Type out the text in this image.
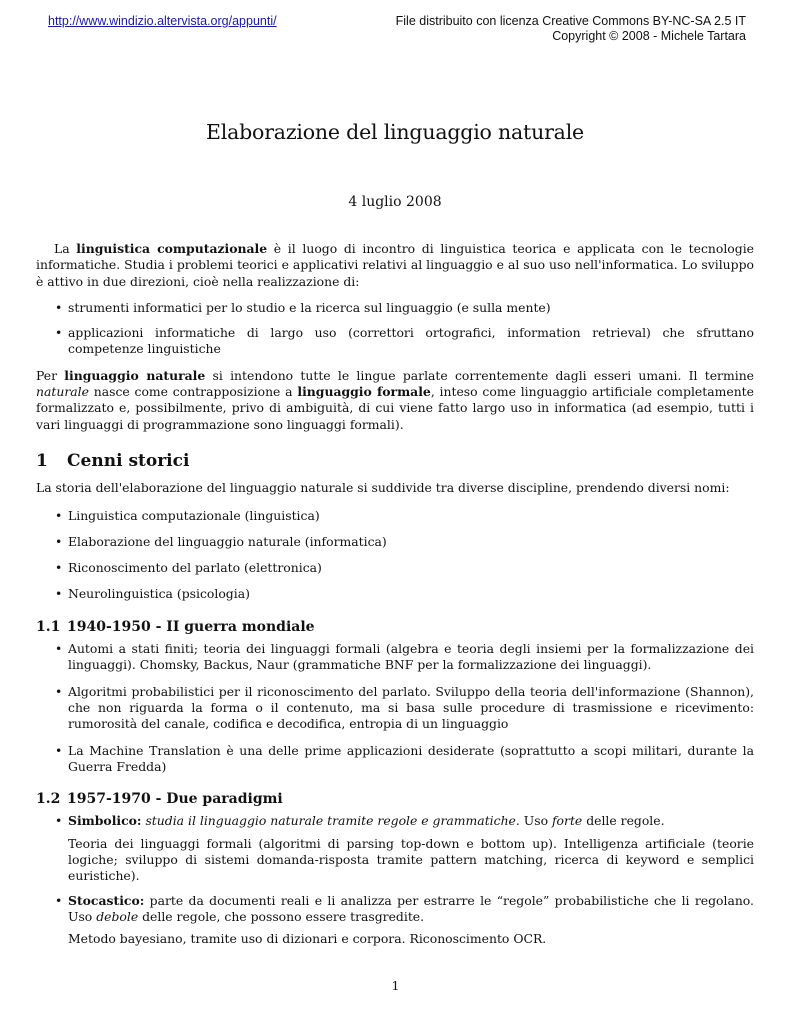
http://www.windizio.altervista.org/appunti/	File distribuito con licenza Creative Commons BY-NC-SA 2.5 IT
Copyright © 2008 - Michele Tartara
Elaborazione del linguaggio naturale
4 luglio 2008

La linguistica computazionale è il luogo di incontro di linguistica teorica e applicata con le tecnologie informatiche. Studia i problemi teorici e applicativi relativi al linguaggio e al suo uso nell'informatica. Lo sviluppo è attivo in due direzioni, cioè nella realizzazione di:

• strumenti informatici per lo studio e la ricerca sul linguaggio (e sulla mente)
• applicazioni informatiche di largo uso (correttori ortografici, information retrieval) che sfruttano competenze linguistiche

Per linguaggio naturale si intendono tutte le lingue parlate correntemente dagli esseri umani. Il termine naturale nasce come contrapposizione a linguaggio formale, inteso come linguaggio artificiale completamente formalizzato e, possibilmente, privo di ambiguità, di cui viene fatto largo uso in informatica (ad esempio, tutti i vari linguaggi di programmazione sono linguaggi formali).

1 Cenni storici

La storia dell'elaborazione del linguaggio naturale si suddivide tra diverse discipline, prendendo diversi nomi:

• Linguistica computazionale (linguistica)
• Elaborazione del linguaggio naturale (informatica)
• Riconoscimento del parlato (elettronica)
• Neurolinguistica (psicologia)
1.1 1940-1950 - II guerra mondiale
• Automi a stati finiti; teoria dei linguaggi formali (algebra e teoria degli insiemi per la formalizzazione dei linguaggi). Chomsky, Backus, Naur (grammatiche BNF per la formalizzazione dei linguaggi).
• Algoritmi probabilistici per il riconoscimento del parlato. Sviluppo della teoria dell'informazione (Shannon), che non riguarda la forma o il contenuto, ma si basa sulle procedure di trasmissione e ricevimento: rumorosità del canale, codifica e decodifica, entropia di un linguaggio
• La Machine Translation è una delle prime applicazioni desiderate (soprattutto a scopi militari, durante la Guerra Fredda)
1.2 1957-1970 - Due paradigmi
• Simbolico: studia il linguaggio naturale tramite regole e grammatiche. Uso forte delle regole.
Teoria dei linguaggi formali (algoritmi di parsing top-down e bottom up). Intelligenza artificiale (teorie logiche; sviluppo di sistemi domanda-risposta tramite pattern matching, ricerca di keyword e semplici euristiche).
• Stocastico: parte da documenti reali e li analizza per estrarre le “regole” probabilistiche che li regolano. Uso debole delle regole, che possono essere trasgredite.
Metodo bayesiano, tramite uso di dizionari e corpora. Riconoscimento OCR.
1
